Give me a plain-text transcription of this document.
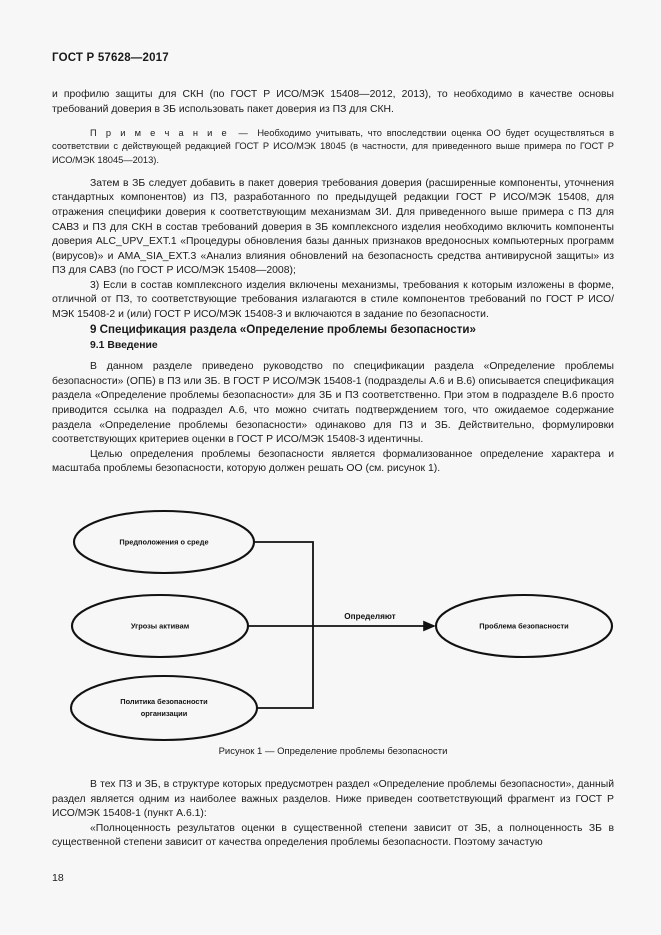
ГОСТ Р 57628—2017

и профилю защиты для СКН (по ГОСТ Р ИСО/МЭК 15408—2012, 2013), то необходимо в качестве основы требований доверия в ЗБ использовать пакет доверия из ПЗ для СКН.

П р и м е ч а н и е — Необходимо учитывать, что впоследствии оценка ОО будет осуществляться в соответствии с действующей редакцией ГОСТ Р ИСО/МЭК 18045 (в частности, для приведенного выше примера по ГОСТ Р ИСО/МЭК 18045—2013).

Затем в ЗБ следует добавить в пакет доверия требования доверия (расширенные компоненты, уточнения стандартных компонентов) из ПЗ, разработанного по предыдущей редакции ГОСТ Р ИСО/МЭК 15408, для отражения специфики доверия к соответствующим механизмам ЗИ. Для приведенного выше примера с ПЗ для САВЗ и ПЗ для СКН в состав требований доверия в ЗБ комплексного изделия необходимо включить компоненты доверия ALC_UPV_EXT.1 «Процедуры обновления базы данных признаков вредоносных компьютерных программ (вирусов)» и AMA_SIA_EXT.3 «Анализ влияния обновлений на безопасность средства антивирусной защиты» из ПЗ для САВЗ (по ГОСТ Р ИСО/МЭК 15408—2008);

3) Если в состав комплексного изделия включены механизмы, требования к которым изложены в форме, отличной от ПЗ, то соответствующие требования излагаются в стиле компонентов требований по ГОСТ Р ИСО/МЭК 15408-2 и (или) ГОСТ Р ИСО/МЭК 15408-3 и включаются в задание по безопасности.

9 Спецификация раздела «Определение проблемы безопасности»
9.1 Введение

В данном разделе приведено руководство по спецификации раздела «Определение проблемы безопасности» (ОПБ) в ПЗ или ЗБ. В ГОСТ Р ИСО/МЭК 15408-1 (подразделы А.6 и В.6) описывается спецификация раздела «Определение проблемы безопасности» для ЗБ и ПЗ соответственно. При этом в подразделе В.6 просто приводится ссылка на подраздел А.6, что можно считать подтверждением того, что ожидаемое содержание раздела «Определение проблемы безопасности» одинаково для ПЗ и ЗБ. Действительно, формулировки соответствующих критериев оценки в ГОСТ Р ИСО/МЭК 15408-3 идентичны.

Целью определения проблемы безопасности является формализованное определение характера и масштаба проблемы безопасности, которую должен решать ОО (см. рисунок 1).

Предположения о среде
Угрозы активам
Политика безопасности
организации
Проблема безопасности
Определяют
Рисунок 1 — Определение проблемы безопасности

В тех ПЗ и ЗБ, в структуре которых предусмотрен раздел «Определение проблемы безопасности», данный раздел является одним из наиболее важных разделов. Ниже приведен соответствующий фрагмент из ГОСТ Р ИСО/МЭК 15408-1 (пункт А.6.1):

«Полноценность результатов оценки в существенной степени зависит от ЗБ, а полноценность ЗБ в существенной степени зависит от качества определения проблемы безопасности. Поэтому зачастую

18
